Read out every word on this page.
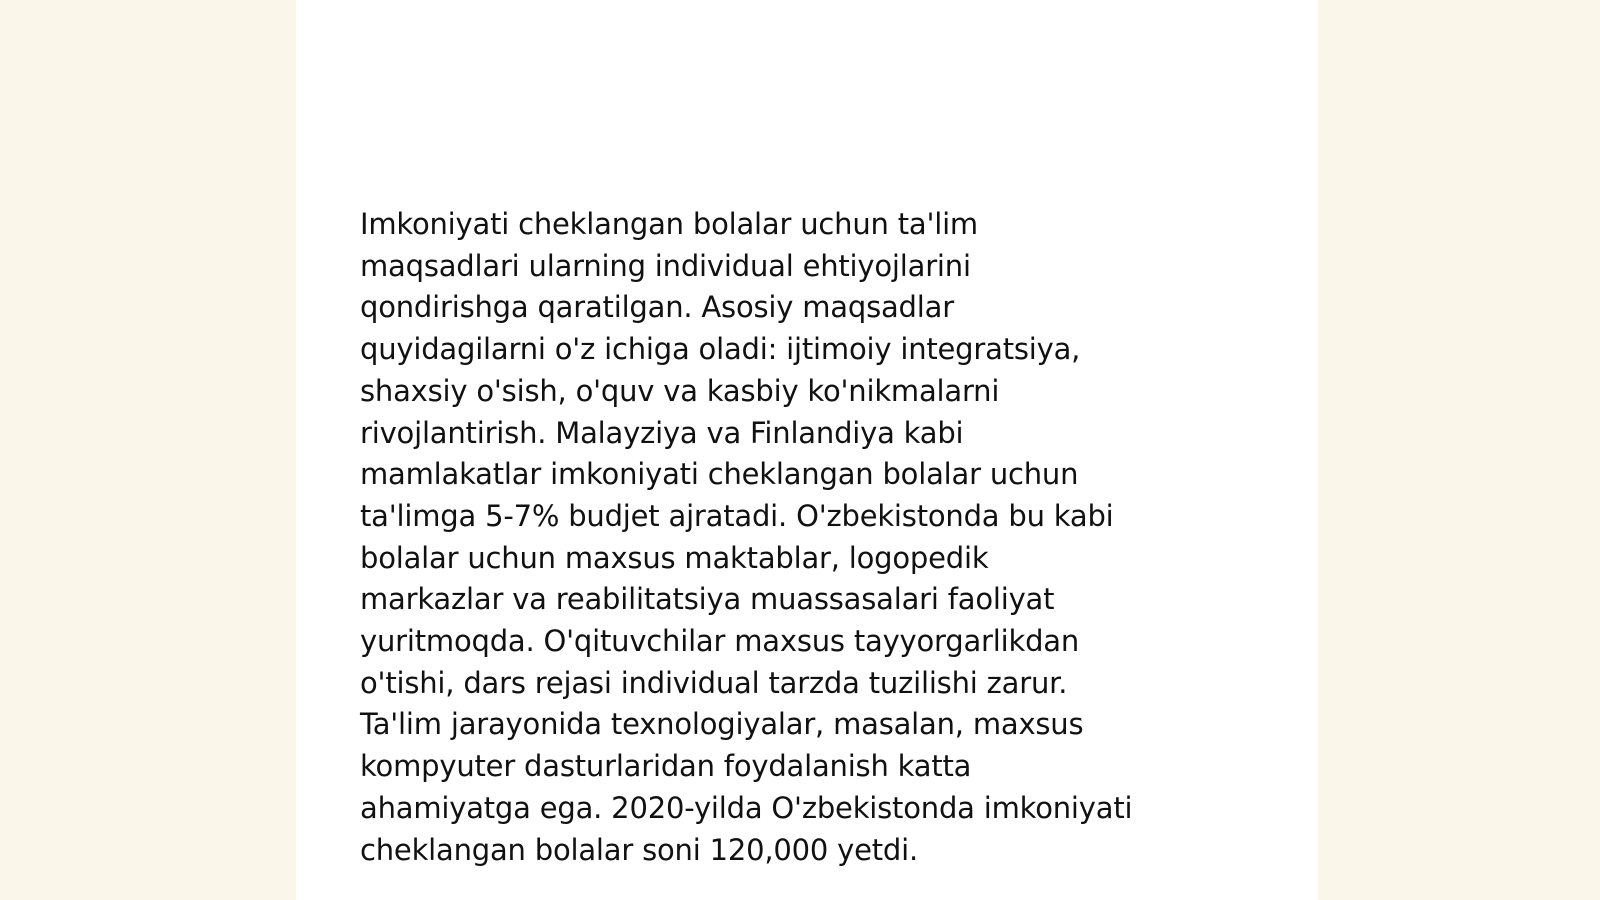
Imkoniyati cheklangan bolalar uchun ta'lim
maqsadlari ularning individual ehtiyojlarini
qondirishga qaratilgan. Asosiy maqsadlar
quyidagilarni o'z ichiga oladi: ijtimoiy integratsiya,
shaxsiy o'sish, o'quv va kasbiy ko'nikmalarni
rivojlantirish. Malayziya va Finlandiya kabi
mamlakatlar imkoniyati cheklangan bolalar uchun
ta'limga 5-7% budjet ajratadi. O'zbekistonda bu kabi
bolalar uchun maxsus maktablar, logopedik
markazlar va reabilitatsiya muassasalari faoliyat
yuritmoqda. O'qituvchilar maxsus tayyorgarlikdan
o'tishi, dars rejasi individual tarzda tuzilishi zarur.
Ta'lim jarayonida texnologiyalar, masalan, maxsus
kompyuter dasturlaridan foydalanish katta
ahamiyatga ega. 2020-yilda O'zbekistonda imkoniyati
cheklangan bolalar soni 120,000 yetdi.
